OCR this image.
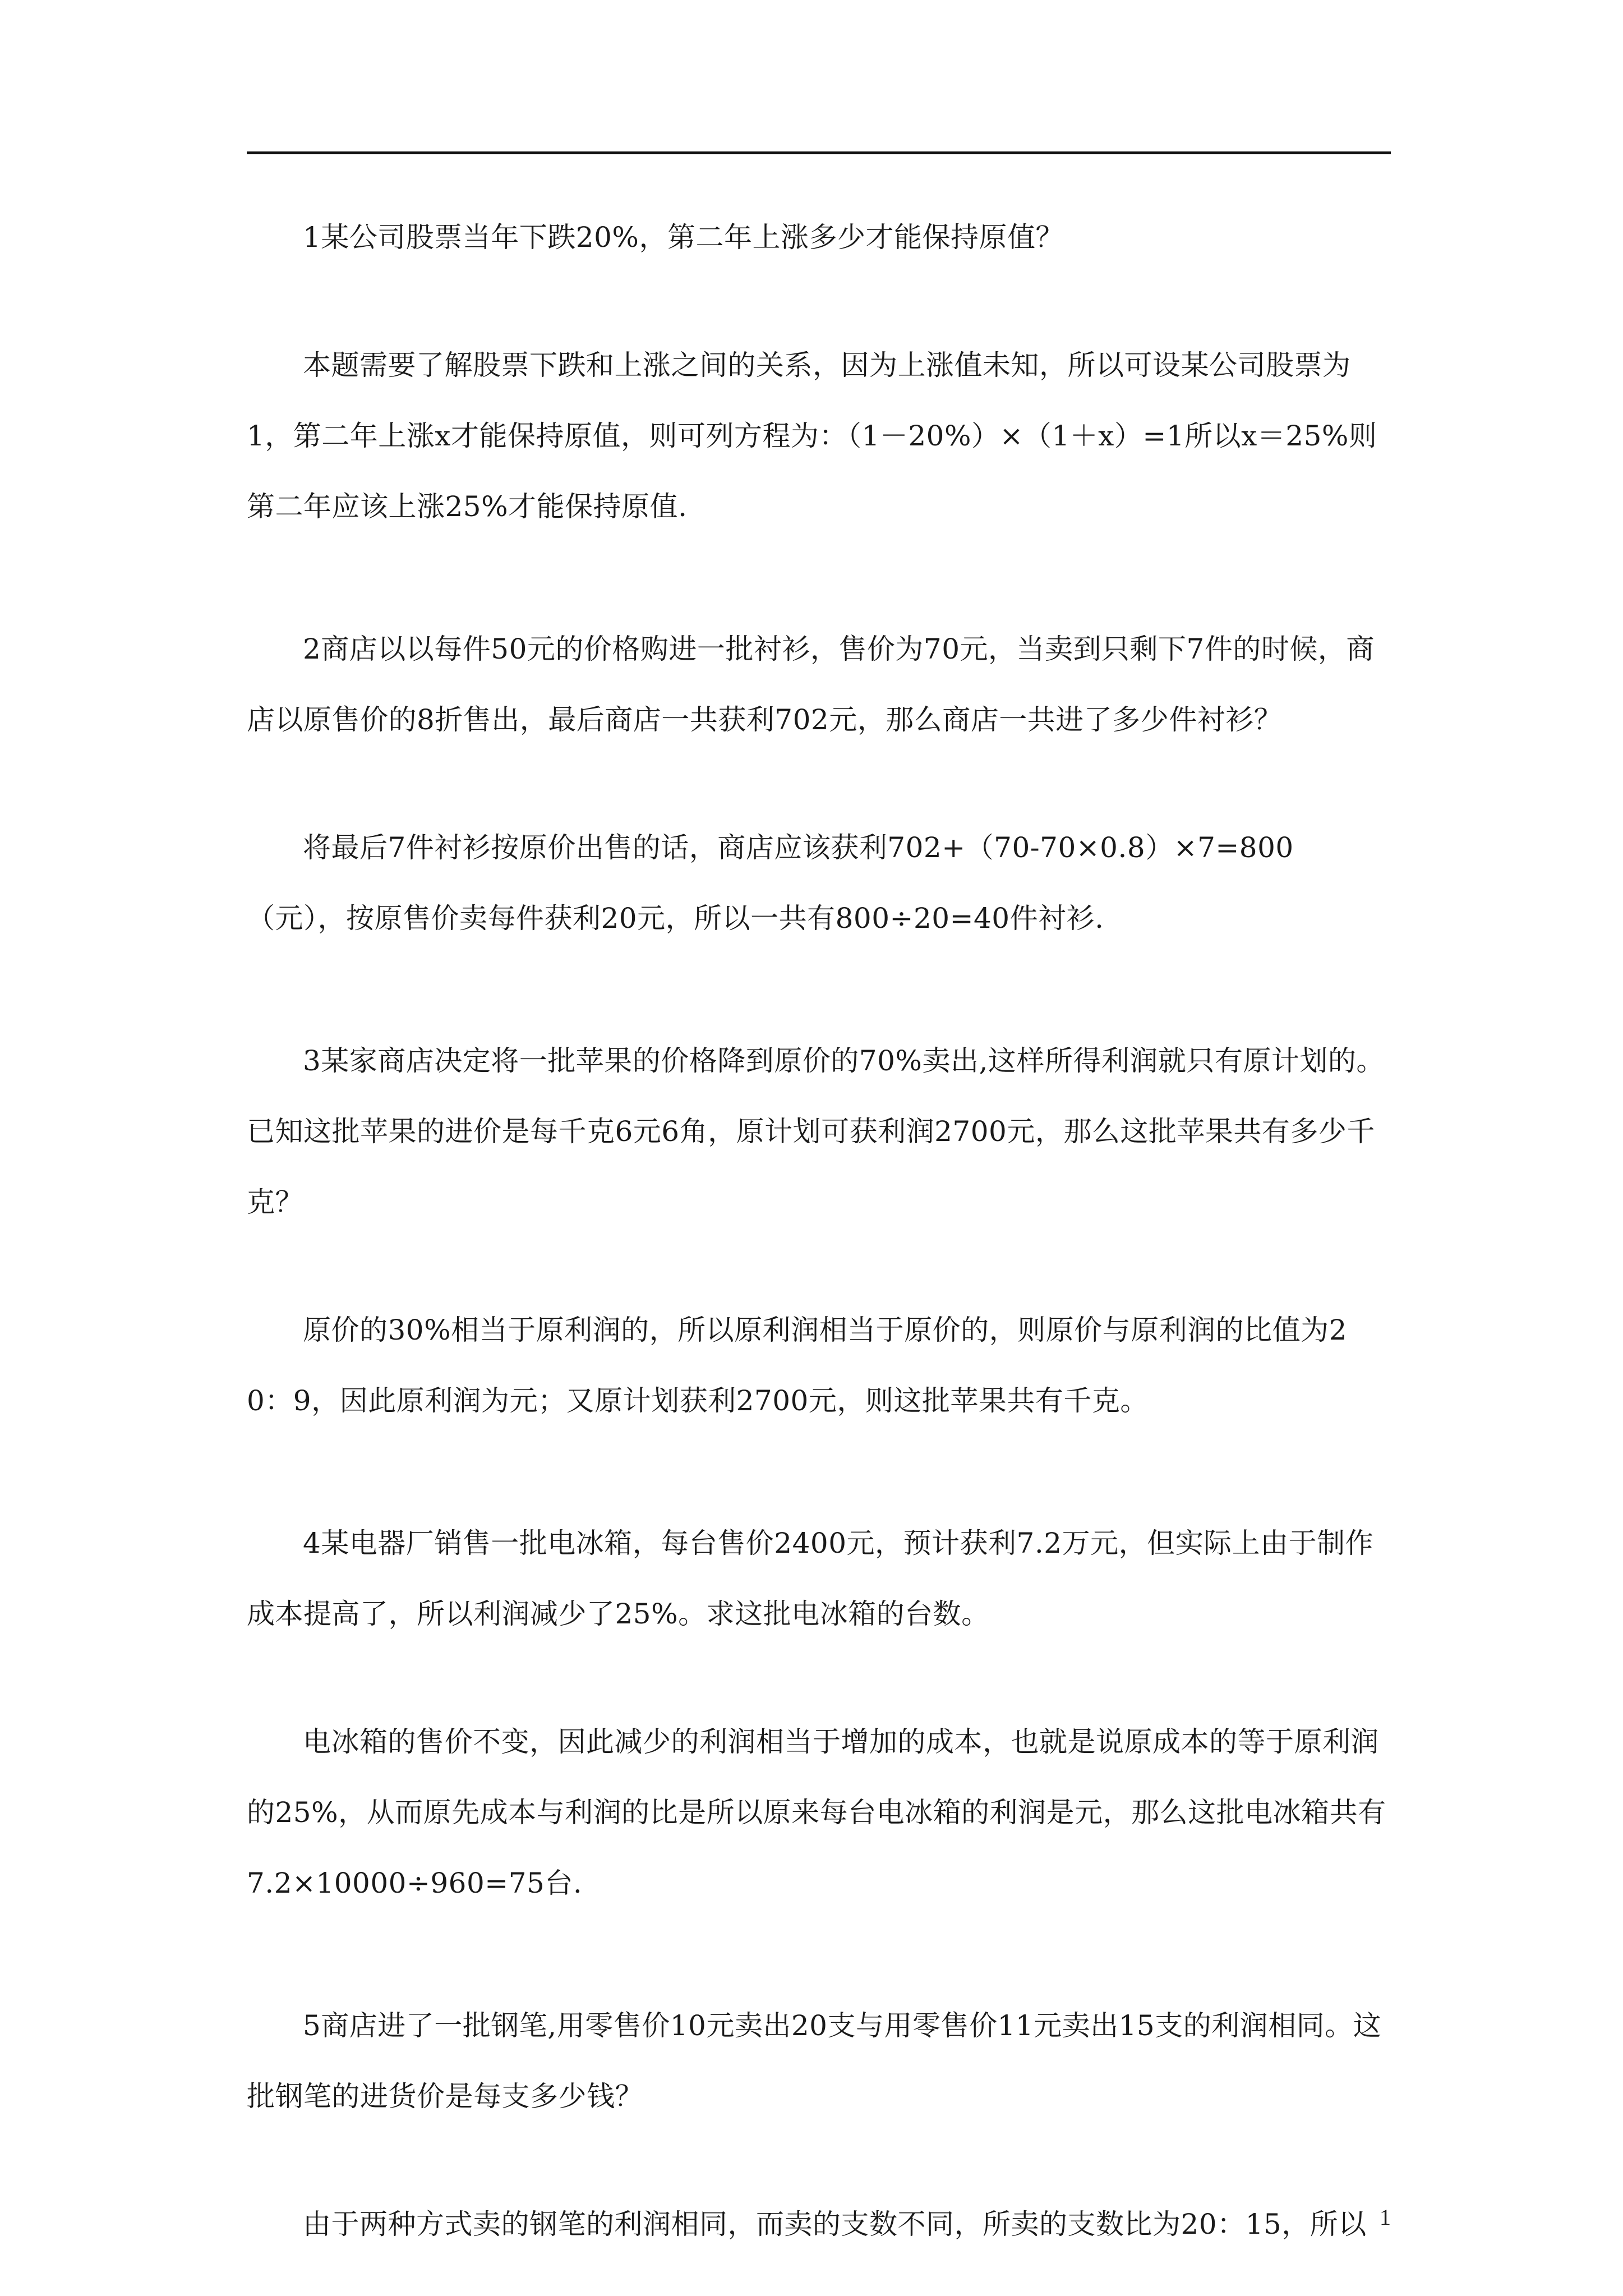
1某公司股票当年下跌20%，第二年上涨多少才能保持原值？

本题需要了解股票下跌和上涨之间的关系，因为上涨值未知，所以可设某公司股票为1，第二年上涨x才能保持原值，则可列方程为：（1－20%）×（1＋x）=1所以x＝25%则第二年应该上涨25%才能保持原值.

2商店以以每件50元的价格购进一批衬衫，售价为70元，当卖到只剩下7件的时候，商店以原售价的8折售出，最后商店一共获利702元，那么商店一共进了多少件衬衫？

将最后7件衬衫按原价出售的话，商店应该获利702+（70-70×0.8）×7=800（元），按原售价卖每件获利20元，所以一共有800÷20=40件衬衫.

3某家商店决定将一批苹果的价格降到原价的70%卖出,这样所得利润就只有原计划的。已知这批苹果的进价是每千克6元6角，原计划可获利润2700元，那么这批苹果共有多少千克？

原价的30%相当于原利润的，所以原利润相当于原价的，则原价与原利润的比值为20：9，因此原利润为元；又原计划获利2700元，则这批苹果共有千克。

4某电器厂销售一批电冰箱，每台售价2400元，预计获利7.2万元，但实际上由于制作成本提高了，所以利润减少了25%。求这批电冰箱的台数。

电冰箱的售价不变，因此减少的利润相当于增加的成本，也就是说原成本的等于原利润的25%，从而原先成本与利润的比是所以原来每台电冰箱的利润是元，那么这批电冰箱共有7.2×10000÷960=75台.

5商店进了一批钢笔,用零售价10元卖出20支与用零售价11元卖出15支的利润相同。这批钢笔的进货价是每支多少钱？

由于两种方式卖的钢笔的利润相同，而卖的支数不同，所卖的支数比为20：15，所以 1
